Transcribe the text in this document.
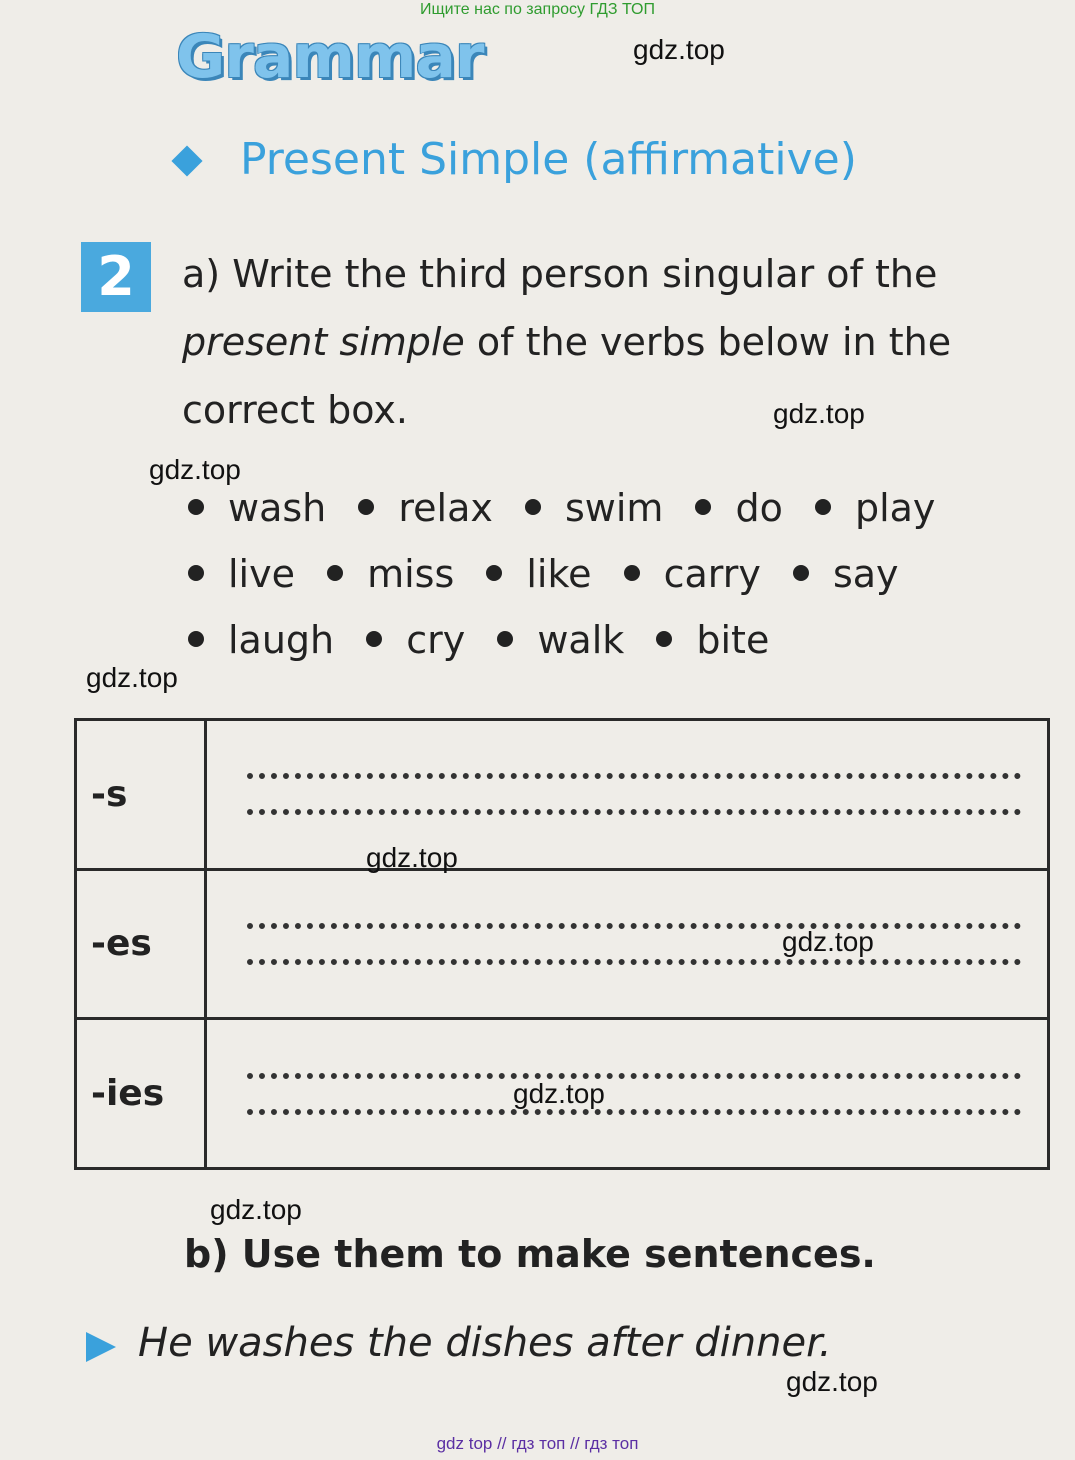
Ищите нас по запросу ГДЗ ТОП
Grammar	gdz.top
Present Simple (affirmative)
2	a) Write the third person singular of the
present simple of the verbs below in the
correct box.	gdz.top
gdz.top
wash relax swim do play
live miss like carry say
laugh cry walk bite
gdz.top
-s	

-es	

-ies	
gdz.top
gdz.top
gdz.top
gdz.top
b) Use them to make sentences.
He washes the dishes after dinner.
gdz.top
gdz top // гдз топ // гдз топ
